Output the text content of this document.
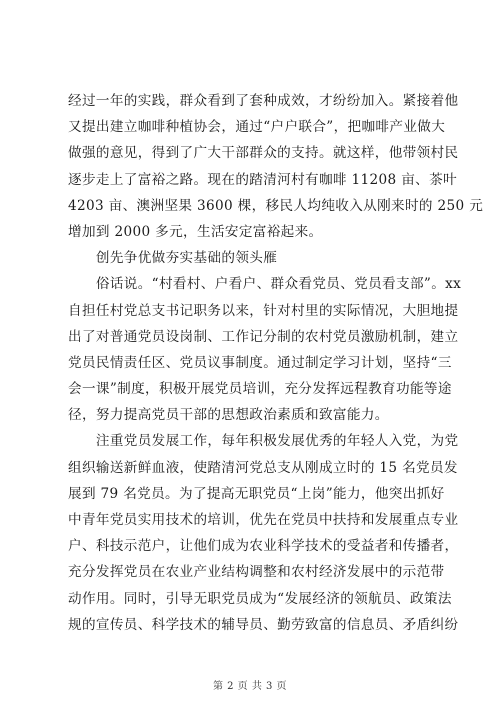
经过一年的实践，群众看到了套种成效，才纷纷加入。紧接着他
又提出建立咖啡种植协会，通过“户户联合”，把咖啡产业做大
做强的意见，得到了广大干部群众的支持。就这样，他带领村民
逐步走上了富裕之路。现在的踏清河村有咖啡 11208 亩、茶叶
4203 亩、澳洲坚果 3600 棵，移民人均纯收入从刚来时的 250 元
增加到 2000 多元，生活安定富裕起来。
　　创先争优做夯实基础的领头雁
　　俗话说。“村看村、户看户、群众看党员、党员看支部”。xx
自担任村党总支书记职务以来，针对村里的实际情况，大胆地提
出了对普通党员设岗制、工作记分制的农村党员激励机制，建立
党员民情责任区、党员议事制度。通过制定学习计划，坚持“三
会一课”制度，积极开展党员培训，充分发挥远程教育功能等途
径，努力提高党员干部的思想政治素质和致富能力。
　　注重党员发展工作，每年积极发展优秀的年轻人入党，为党
组织输送新鲜血液，使踏清河党总支从刚成立时的 15 名党员发
展到 79 名党员。为了提高无职党员“上岗”能力，他突出抓好
中青年党员实用技术的培训，优先在党员中扶持和发展重点专业
户、科技示范户，让他们成为农业科学技术的受益者和传播者，
充分发挥党员在农业产业结构调整和农村经济发展中的示范带
动作用。同时，引导无职党员成为“发展经济的领航员、政策法
规的宣传员、科学技术的辅导员、勤劳致富的信息员、矛盾纠纷
第 2 页 共 3 页
